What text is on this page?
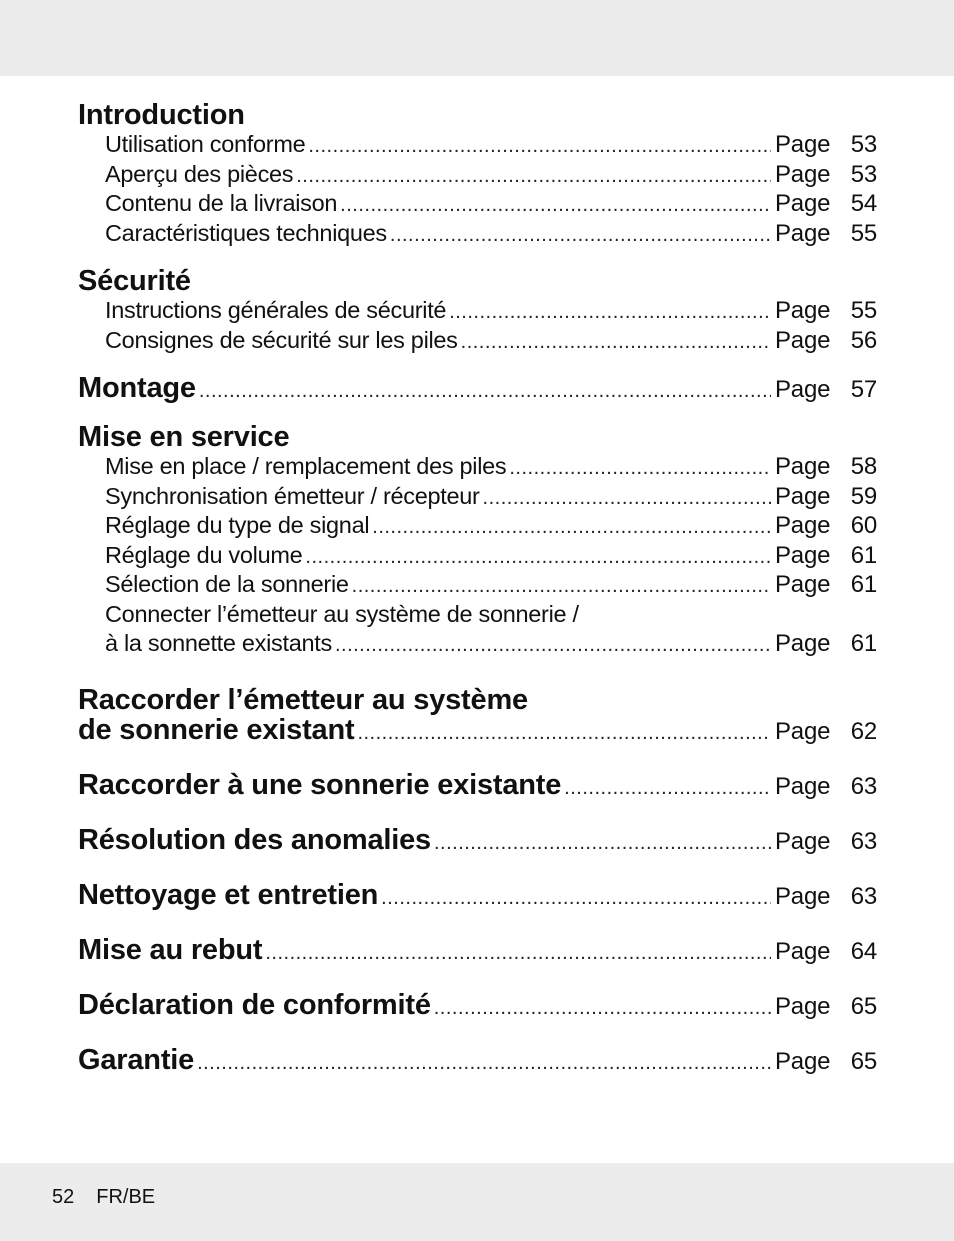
Introduction
Utilisation conforme .....	Page 53
Aperçu des pièces .....	Page 53
Contenu de la livraison .....	Page 54
Caractéristiques techniques .....	Page 55
Sécurité
Instructions générales de sécurité .....	Page 55
Consignes de sécurité sur les piles .....	Page 56
Montage .....	Page 57
Mise en service
Mise en place / remplacement des piles .....	Page 58
Synchronisation émetteur / récepteur .....	Page 59
Réglage du type de signal .....	Page 60
Réglage du volume .....	Page 61
Sélection de la sonnerie .....	Page 61
Connecter l’émetteur au système de sonnerie /
à la sonnette existants .....	Page 61
Raccorder l’émetteur au système
de sonnerie existant .....	Page 62
Raccorder à une sonnerie existante .....	Page 63
Résolution des anomalies .....	Page 63
Nettoyage et entretien .....	Page 63
Mise au rebut .....	Page 64
Déclaration de conformité .....	Page 65
Garantie .....	Page 65
52 FR/BE
